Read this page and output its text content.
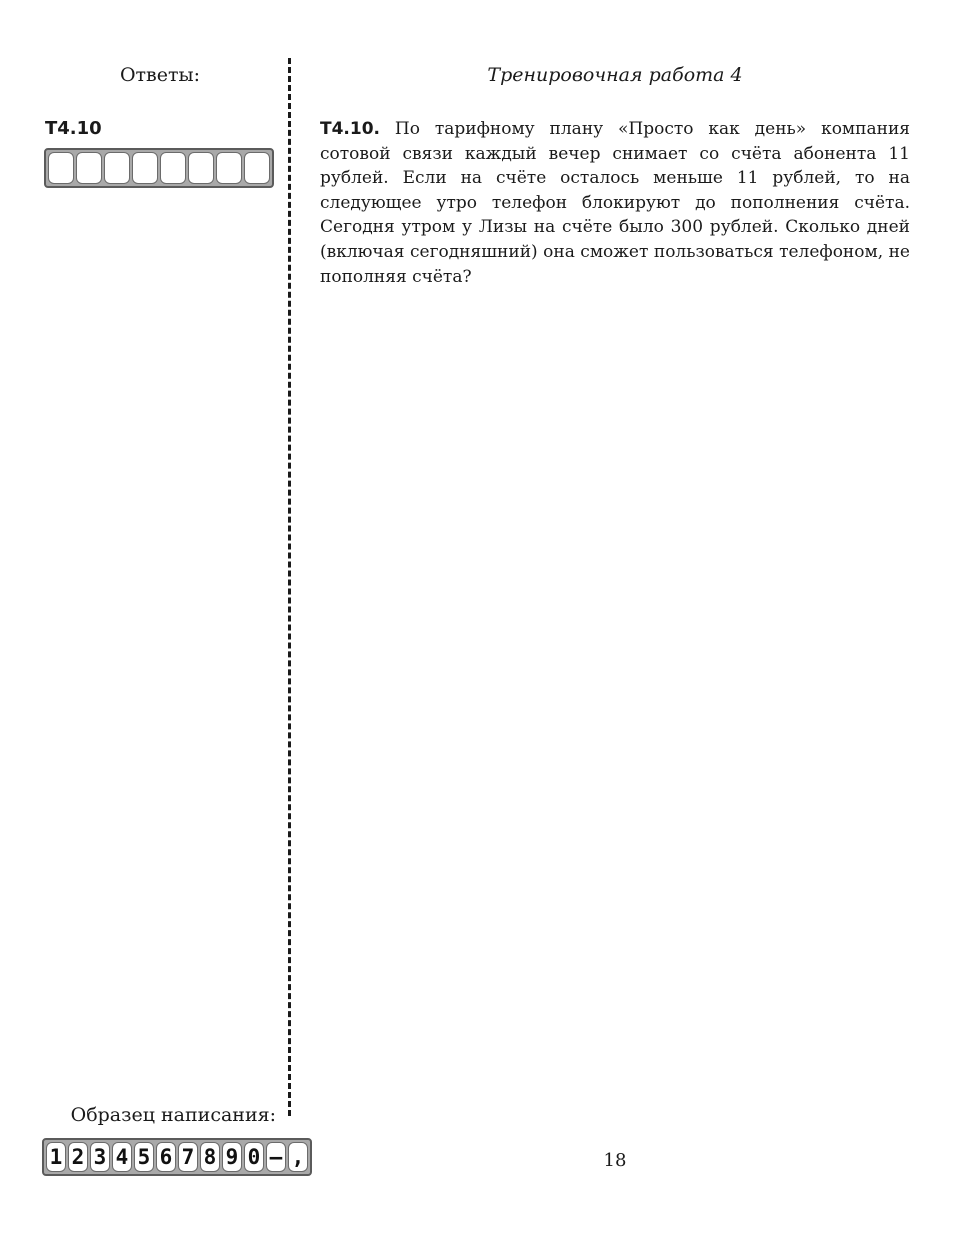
Ответы:	Тренировочная работа 4
Т4.10	Т4.10. По тарифному плану «Просто как день» компания сотовой связи каждый вечер снимает со счёта абонента 11 рублей. Если на счёте осталось меньше 11 рублей, то на следующее утро телефон блокируют до пополнения счёта. Сегодня утром у Лизы на счёте было 300 рублей. Сколько дней (включая сегодняшний) она сможет пользоваться телефоном, не пополняя счёта?
Образец написания:
1 2 3 4 5 6 7 8 9 0 – ,	18
